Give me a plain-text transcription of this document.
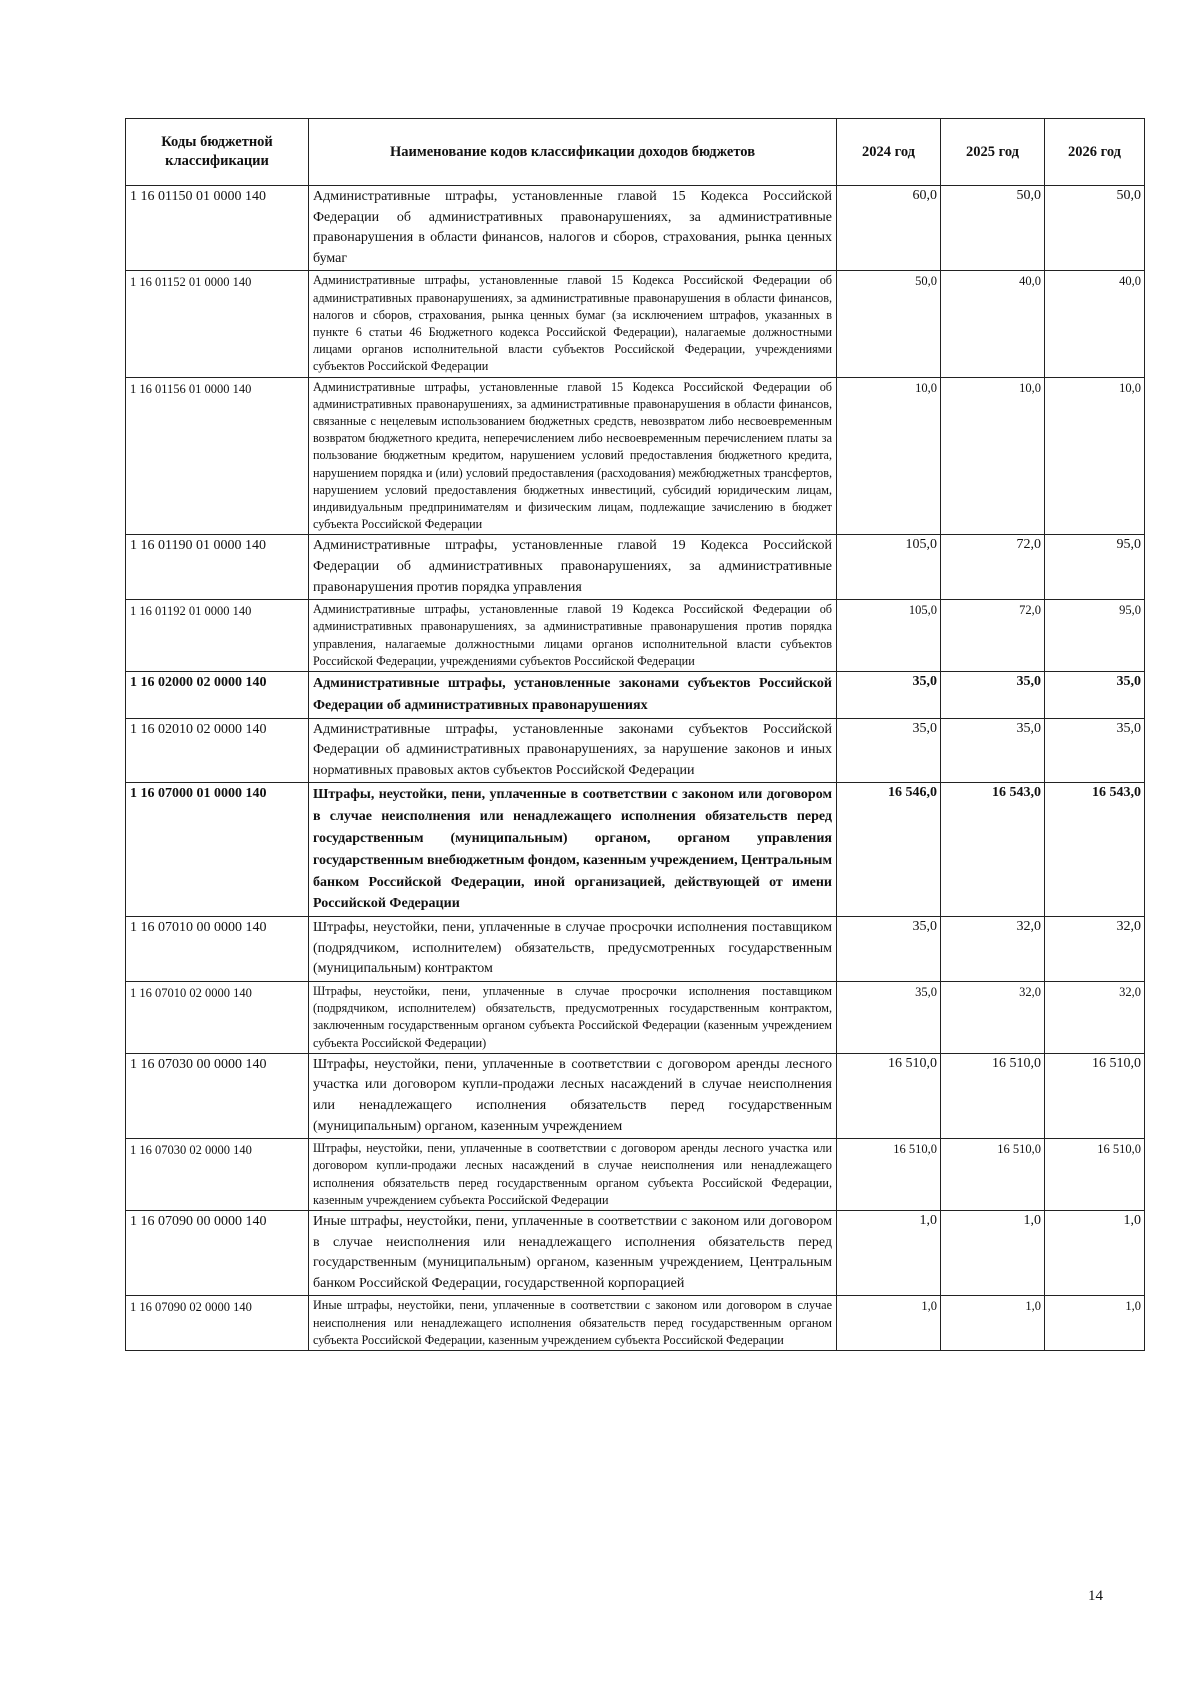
Коды бюджетной классификации	Наименование кодов классификации доходов бюджетов	2024 год	2025 год	2026 год
1 16 01150 01 0000 140	Административные штрафы, установленные главой 15 Кодекса Российской Федерации об административных правонарушениях, за административные правонарушения в области финансов, налогов и сборов, страхования, рынка ценных бумаг	60,0	50,0	50,0
1 16 01152 01 0000 140	Административные штрафы, установленные главой 15 Кодекса Российской Федерации об административных правонарушениях, за административные правонарушения в области финансов, налогов и сборов, страхования, рынка ценных бумаг (за исключением штрафов, указанных в пункте 6 статьи 46 Бюджетного кодекса Российской Федерации), налагаемые должностными лицами органов исполнительной власти субъектов Российской Федерации, учреждениями субъектов Российской Федерации	50,0	40,0	40,0
1 16 01156 01 0000 140	Административные штрафы, установленные главой 15 Кодекса Российской Федерации об административных правонарушениях, за административные правонарушения в области финансов, связанные с нецелевым использованием бюджетных средств, невозвратом либо несвоевременным возвратом бюджетного кредита, неперечислением либо несвоевременным перечислением платы за пользование бюджетным кредитом, нарушением условий предоставления бюджетного кредита, нарушением порядка и (или) условий предоставления (расходования) межбюджетных трансфертов, нарушением условий предоставления бюджетных инвестиций, субсидий юридическим лицам, индивидуальным предпринимателям и физическим лицам, подлежащие зачислению в бюджет субъекта Российской Федерации	10,0	10,0	10,0
1 16 01190 01 0000 140	Административные штрафы, установленные главой 19 Кодекса Российской Федерации об административных правонарушениях, за административные правонарушения против порядка управления	105,0	72,0	95,0
1 16 01192 01 0000 140	Административные штрафы, установленные главой 19 Кодекса Российской Федерации об административных правонарушениях, за административные правонарушения против порядка управления, налагаемые должностными лицами органов исполнительной власти субъектов Российской Федерации, учреждениями субъектов Российской Федерации	105,0	72,0	95,0
1 16 02000 02 0000 140	Административные штрафы, установленные законами субъектов Российской Федерации об административных правонарушениях	35,0	35,0	35,0
1 16 02010 02 0000 140	Административные штрафы, установленные законами субъектов Российской Федерации об административных правонарушениях, за нарушение законов и иных нормативных правовых актов субъектов Российской Федерации	35,0	35,0	35,0
1 16 07000 01 0000 140	Штрафы, неустойки, пени, уплаченные в соответствии с законом или договором в случае неисполнения или ненадлежащего исполнения обязательств перед государственным (муниципальным) органом, органом управления государственным внебюджетным фондом, казенным учреждением, Центральным банком Российской Федерации, иной организацией, действующей от имени Российской Федерации	16 546,0	16 543,0	16 543,0
1 16 07010 00 0000 140	Штрафы, неустойки, пени, уплаченные в случае просрочки исполнения поставщиком (подрядчиком, исполнителем) обязательств, предусмотренных государственным (муниципальным) контрактом	35,0	32,0	32,0
1 16 07010 02 0000 140	Штрафы, неустойки, пени, уплаченные в случае просрочки исполнения поставщиком (подрядчиком, исполнителем) обязательств, предусмотренных государственным контрактом, заключенным государственным органом субъекта Российской Федерации (казенным учреждением субъекта Российской Федерации)	35,0	32,0	32,0
1 16 07030 00 0000 140	Штрафы, неустойки, пени, уплаченные в соответствии с договором аренды лесного участка или договором купли-продажи лесных насаждений в случае неисполнения или ненадлежащего исполнения обязательств перед государственным (муниципальным) органом, казенным учреждением	16 510,0	16 510,0	16 510,0
1 16 07030 02 0000 140	Штрафы, неустойки, пени, уплаченные в соответствии с договором аренды лесного участка или договором купли-продажи лесных насаждений в случае неисполнения или ненадлежащего исполнения обязательств перед государственным органом субъекта Российской Федерации, казенным учреждением субъекта Российской Федерации	16 510,0	16 510,0	16 510,0
1 16 07090 00 0000 140	Иные штрафы, неустойки, пени, уплаченные в соответствии с законом или договором в случае неисполнения или ненадлежащего исполнения обязательств перед государственным (муниципальным) органом, казенным учреждением, Центральным банком Российской Федерации, государственной корпорацией	1,0	1,0	1,0
1 16 07090 02 0000 140	Иные штрафы, неустойки, пени, уплаченные в соответствии с законом или договором в случае неисполнения или ненадлежащего исполнения обязательств перед государственным органом субъекта Российской Федерации, казенным учреждением субъекта Российской Федерации	1,0	1,0	1,0
14
